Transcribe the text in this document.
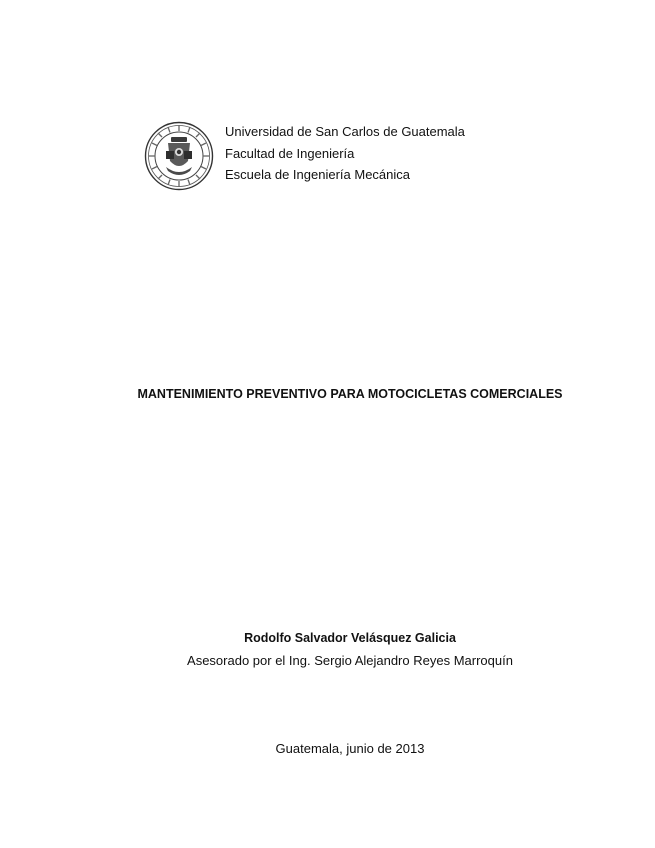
Universidad de San Carlos de Guatemala
Facultad de Ingeniería
Escuela de Ingeniería Mecánica
MANTENIMIENTO PREVENTIVO PARA MOTOCICLETAS COMERCIALES
Rodolfo Salvador Velásquez Galicia
Asesorado por el Ing. Sergio Alejandro Reyes Marroquín
Guatemala, junio de 2013
